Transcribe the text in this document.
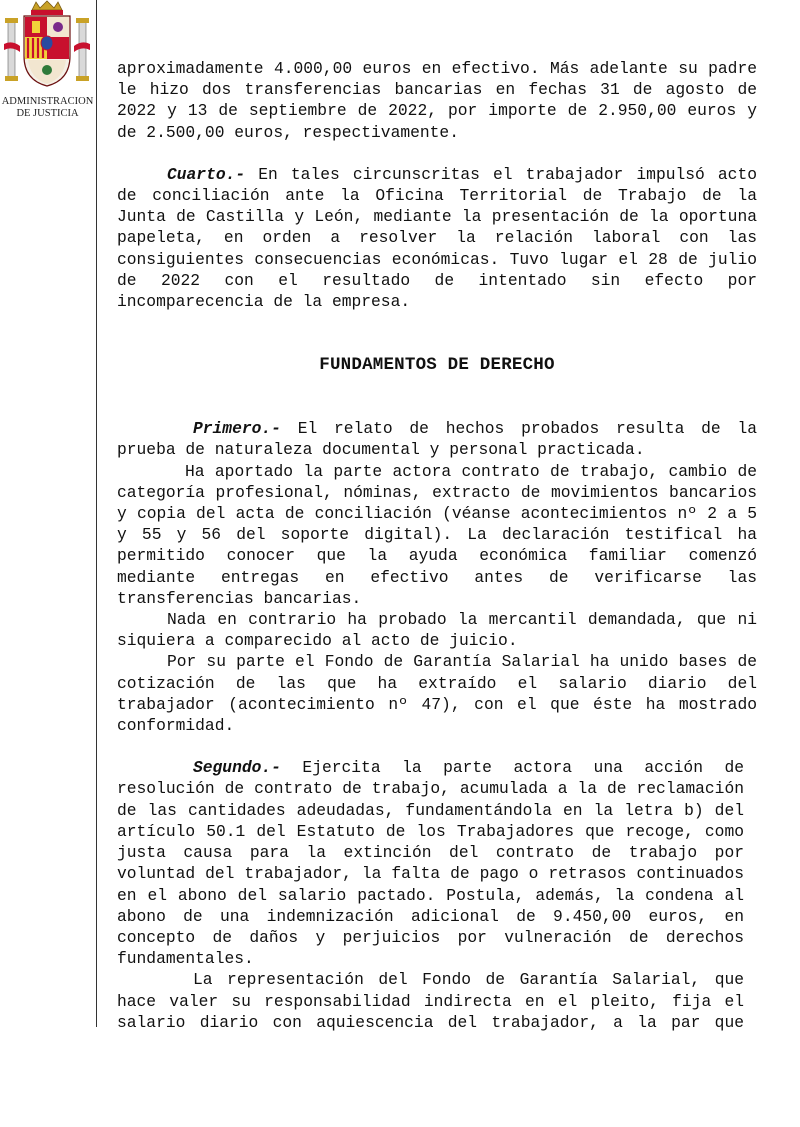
ADMINISTRACION
DE JUSTICIA

aproximadamente 4.000,00 euros en efectivo. Más adelante su padre le hizo dos transferencias bancarias en fechas 31 de agosto de 2022 y 13 de septiembre de 2022, por importe de 2.950,00 euros y de 2.500,00 euros, respectivamente.

Cuarto.- En tales circunscritas el trabajador impulsó acto de conciliación ante la Oficina Territorial de Trabajo de la Junta de Castilla y León, mediante la presentación de la oportuna papeleta, en orden a resolver la relación laboral con las consiguientes consecuencias económicas. Tuvo lugar el 28 de julio de 2022 con el resultado de intentado sin efecto por incomparecencia de la empresa.

FUNDAMENTOS DE DERECHO

Primero.- El relato de hechos probados resulta de la prueba de naturaleza documental y personal practicada.

Ha aportado la parte actora contrato de trabajo, cambio de categoría profesional, nóminas, extracto de movimientos bancarios y copia del acta de conciliación (véanse acontecimientos nº 2 a 5 y 55 y 56 del soporte digital). La declaración testifical ha permitido conocer que la ayuda económica familiar comenzó mediante entregas en efectivo antes de verificarse las transferencias bancarias.

Nada en contrario ha probado la mercantil demandada, que ni siquiera a comparecido al acto de juicio.

Por su parte el Fondo de Garantía Salarial ha unido bases de cotización de las que ha extraído el salario diario del trabajador (acontecimiento nº 47), con el que éste ha mostrado conformidad.

Segundo.- Ejercita la parte actora una acción de resolución de contrato de trabajo, acumulada a la de reclamación de las cantidades adeudadas, fundamentándola en la letra b) del artículo 50.1 del Estatuto de los Trabajadores que recoge, como justa causa para la extinción del contrato de trabajo por voluntad del trabajador, la falta de pago o retrasos continuados en el abono del salario pactado. Postula, además, la condena al abono de una indemnización adicional de 9.450,00 euros, en concepto de daños y perjuicios por vulneración de derechos fundamentales.

La representación del Fondo de Garantía Salarial, que hace valer su responsabilidad indirecta en el pleito, fija el salario diario con aquiescencia del trabajador, a la par que
